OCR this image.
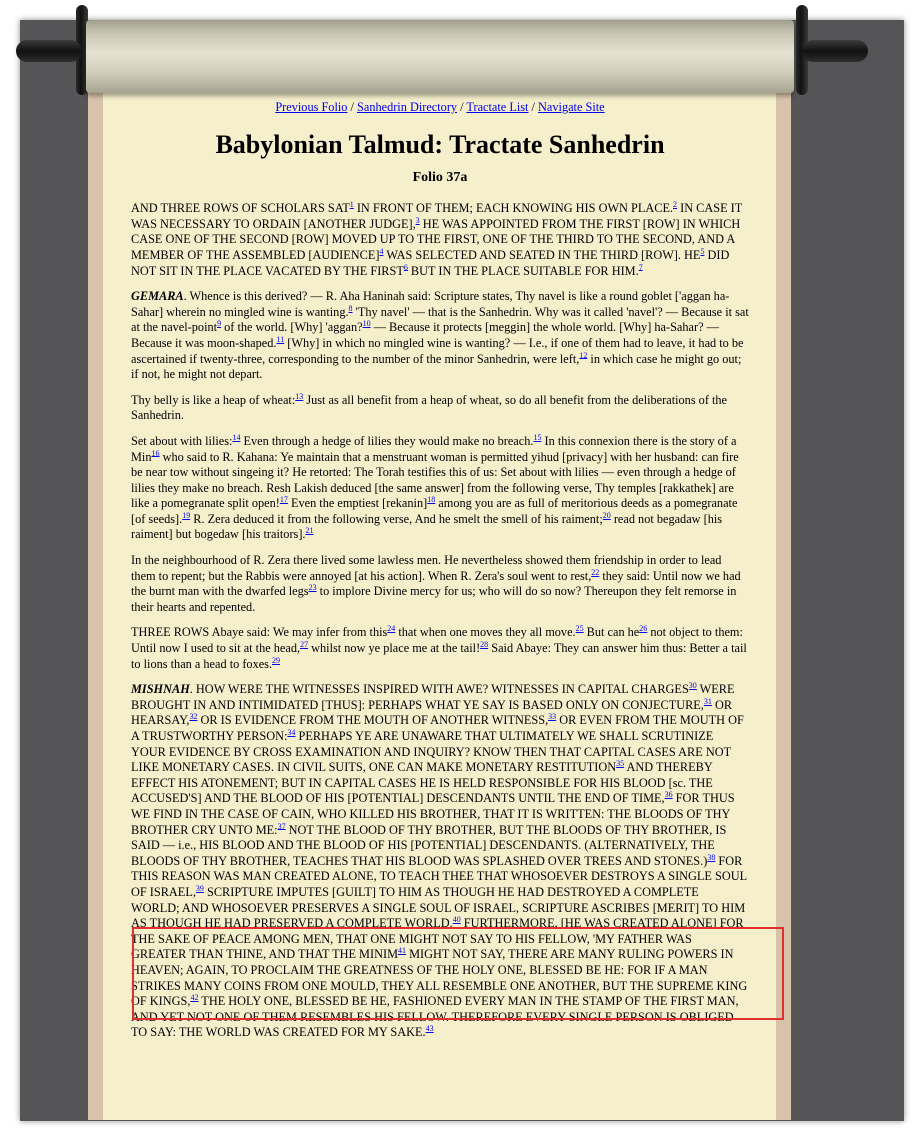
Previous Folio / Sanhedrin Directory / Tractate List / Navigate Site
Babylonian Talmud: Tractate Sanhedrin
Folio 37a

AND THREE ROWS OF SCHOLARS SAT$^1$ IN FRONT OF THEM; EACH KNOWING HIS OWN PLACE.$^2$ IN CASE IT WAS NECESSARY TO ORDAIN [ANOTHER JUDGE],$^3$ HE WAS APPOINTED FROM THE FIRST [ROW] IN WHICH CASE ONE OF THE SECOND [ROW] MOVED UP TO THE FIRST, ONE OF THE THIRD TO THE SECOND, AND A MEMBER OF THE ASSEMBLED [AUDIENCE]$^4$ WAS SELECTED AND SEATED IN THE THIRD [ROW]. HE$^5$ DID NOT SIT IN THE PLACE VACATED BY THE FIRST$^6$ BUT IN THE PLACE SUITABLE FOR HIM.$^7$

GEMARA. Whence is this derived? — R. Aha Haninah said: Scripture states, Thy navel is like a round goblet ['aggan ha-Sahar] wherein no mingled wine is wanting.$^8$ 'Thy navel' — that is the Sanhedrin. Why was it called 'navel'? — Because it sat at the navel-point$^9$ of the world. [Why] 'aggan?$^{10}$ — Because it protects [meggin] the whole world. [Why] ha-Sahar? — Because it was moon-shaped.$^{11}$ [Why] in which no mingled wine is wanting? — I.e., if one of them had to leave, it had to be ascertained if twenty-three, corresponding to the number of the minor Sanhedrin, were left,$^{12}$ in which case he might go out; if not, he might not depart.

Thy belly is like a heap of wheat:$^{13}$ Just as all benefit from a heap of wheat, so do all benefit from the deliberations of the Sanhedrin.

Set about with lilies:$^{14}$ Even through a hedge of lilies they would make no breach.$^{15}$ In this connexion there is the story of a Min$^{16}$ who said to R. Kahana: Ye maintain that a menstruant woman is permitted yihud [privacy] with her husband: can fire be near tow without singeing it? He retorted: The Torah testifies this of us: Set about with lilies — even through a hedge of lilies they make no breach. Resh Lakish deduced [the same answer] from the following verse, Thy temples [rakkathek] are like a pomegranate split open!$^{17}$ Even the emptiest [rekanin]$^{18}$ among you are as full of meritorious deeds as a pomegranate [of seeds].$^{19}$ R. Zera deduced it from the following verse, And he smelt the smell of his raiment;$^{20}$ read not begadaw [his raiment] but bogedaw [his traitors].$^{21}$

In the neighbourhood of R. Zera there lived some lawless men. He nevertheless showed them friendship in order to lead them to repent; but the Rabbis were annoyed [at his action]. When R. Zera's soul went to rest,$^{22}$ they said: Until now we had the burnt man with the dwarfed legs$^{23}$ to implore Divine mercy for us; who will do so now? Thereupon they felt remorse in their hearts and repented.

THREE ROWS Abaye said: We may infer from this$^{24}$ that when one moves they all move.$^{25}$ But can he$^{26}$ not object to them: Until now I used to sit at the head,$^{27}$ whilst now ye place me at the tail!$^{28}$ Said Abaye: They can answer him thus: Better a tail to lions than a head to foxes.$^{29}$

MISHNAH. HOW WERE THE WITNESSES INSPIRED WITH AWE? WITNESSES IN CAPITAL CHARGES$^{30}$ WERE BROUGHT IN AND INTIMIDATED [THUS]: PERHAPS WHAT YE SAY IS BASED ONLY ON CONJECTURE,$^{31}$ OR HEARSAY,$^{32}$ OR IS EVIDENCE FROM THE MOUTH OF ANOTHER WITNESS,$^{33}$ OR EVEN FROM THE MOUTH OF A TRUSTWORTHY PERSON:$^{34}$ PERHAPS YE ARE UNAWARE THAT ULTIMATELY WE SHALL SCRUTINIZE YOUR EVIDENCE BY CROSS EXAMINATION AND INQUIRY? KNOW THEN THAT CAPITAL CASES ARE NOT LIKE MONETARY CASES. IN CIVIL SUITS, ONE CAN MAKE MONETARY RESTITUTION$^{35}$ AND THEREBY EFFECT HIS ATONEMENT; BUT IN CAPITAL CASES HE IS HELD RESPONSIBLE FOR HIS BLOOD [sc. THE ACCUSED'S] AND THE BLOOD OF HIS [POTENTIAL] DESCENDANTS UNTIL THE END OF TIME,$^{36}$ FOR THUS WE FIND IN THE CASE OF CAIN, WHO KILLED HIS BROTHER, THAT IT IS WRITTEN: THE BLOODS OF THY BROTHER CRY UNTO ME:$^{37}$ NOT THE BLOOD OF THY BROTHER, BUT THE BLOODS OF THY BROTHER, IS SAID — i.e., HIS BLOOD AND THE BLOOD OF HIS [POTENTIAL] DESCENDANTS. (ALTERNATIVELY, THE BLOODS OF THY BROTHER, TEACHES THAT HIS BLOOD WAS SPLASHED OVER TREES AND STONES.)$^{38}$ FOR THIS REASON WAS MAN CREATED ALONE, TO TEACH THEE THAT WHOSOEVER DESTROYS A SINGLE SOUL OF ISRAEL,$^{39}$ SCRIPTURE IMPUTES [GUILT] TO HIM AS THOUGH HE HAD DESTROYED A COMPLETE WORLD; AND WHOSOEVER PRESERVES A SINGLE SOUL OF ISRAEL, SCRIPTURE ASCRIBES [MERIT] TO HIM AS THOUGH HE HAD PRESERVED A COMPLETE WORLD.$^{40}$ FURTHERMORE, [HE WAS CREATED ALONE] FOR THE SAKE OF PEACE AMONG MEN, THAT ONE MIGHT NOT SAY TO HIS FELLOW, 'MY FATHER WAS GREATER THAN THINE, AND THAT THE MINIM$^{41}$ MIGHT NOT SAY, THERE ARE MANY RULING POWERS IN HEAVEN; AGAIN, TO PROCLAIM THE GREATNESS OF THE HOLY ONE, BLESSED BE HE: FOR IF A MAN STRIKES MANY COINS FROM ONE MOULD, THEY ALL RESEMBLE ONE ANOTHER, BUT THE SUPREME KING OF KINGS,$^{42}$ THE HOLY ONE, BLESSED BE HE, FASHIONED EVERY MAN IN THE STAMP OF THE FIRST MAN, AND YET NOT ONE OF THEM RESEMBLES HIS FELLOW. THEREFORE EVERY SINGLE PERSON IS OBLIGED TO SAY: THE WORLD WAS CREATED FOR MY SAKE.$^{43}$
